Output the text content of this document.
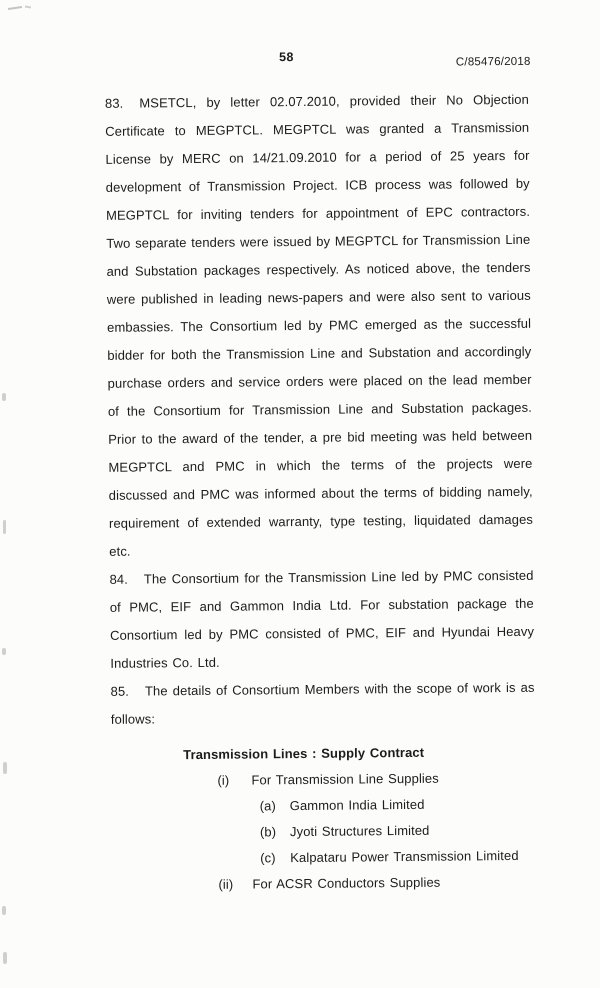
58	C/85476/2018

83. MSETCL, by letter 02.07.2010, provided their No Objection Certificate to MEGPTCL. MEGPTCL was granted a Transmission License by MERC on 14/21.09.2010 for a period of 25 years for development of Transmission Project. ICB process was followed by MEGPTCL for inviting tenders for appointment of EPC contractors. Two separate tenders were issued by MEGPTCL for Transmission Line and Substation packages respectively. As noticed above, the tenders were published in leading news-papers and were also sent to various embassies. The Consortium led by PMC emerged as the successful bidder for both the Transmission Line and Substation and accordingly purchase orders and service orders were placed on the lead member of the Consortium for Transmission Line and Substation packages. Prior to the award of the tender, a pre bid meeting was held between MEGPTCL and PMC in which the terms of the projects were discussed and PMC was informed about the terms of bidding namely, requirement of extended warranty, type testing, liquidated damages etc.

84. The Consortium for the Transmission Line led by PMC consisted of PMC, EIF and Gammon India Ltd. For substation package the Consortium led by PMC consisted of PMC, EIF and Hyundai Heavy Industries Co. Ltd.

85. The details of Consortium Members with the scope of work is as follows:

Transmission Lines : Supply Contract
(i)	For Transmission Line Supplies
(a)	Gammon India Limited
(b)	Jyoti Structures Limited
(c)	Kalpataru Power Transmission Limited
(ii)	For ACSR Conductors Supplies
